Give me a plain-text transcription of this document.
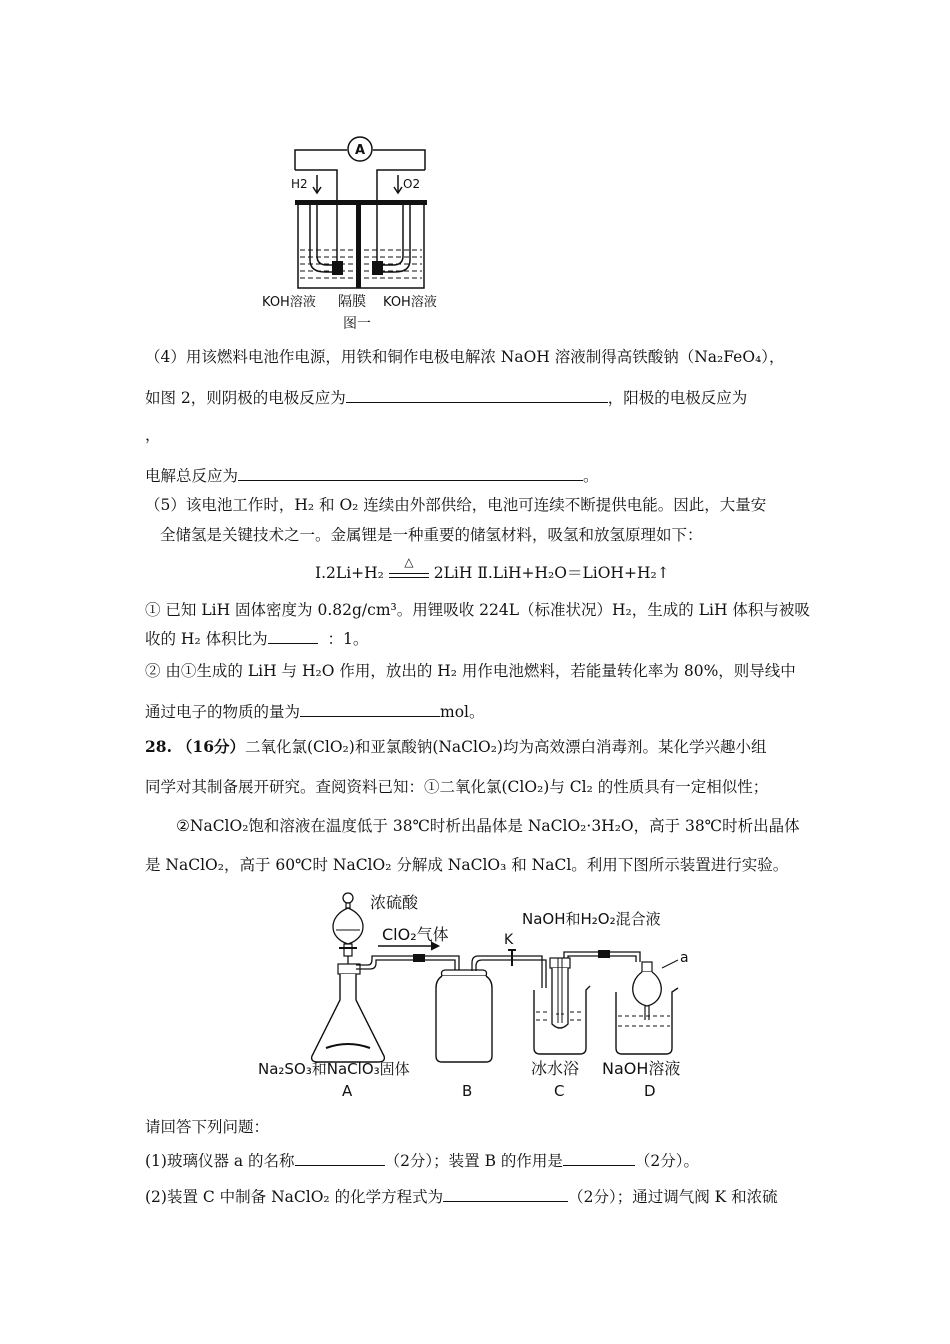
A
H2	O2
KOH溶液 隔膜 KOH溶液
图一
（4）用该燃料电池作电源，用铁和铜作电极电解浓 NaOH 溶液制得高铁酸钠（Na₂FeO₄），
如图 2，则阴极的电极反应为	，阳极的电极反应为
，
电解总反应为	。
（5）该电池工作时，H₂ 和 O₂ 连续由外部供给，电池可连续不断提供电能。因此，大量安
全储氢是关键技术之一。金属锂是一种重要的储氢材料，吸氢和放氢原理如下：
Ⅰ.2Li+H₂
△
2LiH Ⅱ.LiH+H₂O＝LiOH+H₂↑
① 已知 LiH 固体密度为 0.82g/cm³。用锂吸收 224L（标准状况）H₂，生成的 LiH 体积与被吸
收的 H₂ 体积比为	：1。
② 由①生成的 LiH 与 H₂O 作用，放出的 H₂ 用作电池燃料，若能量转化率为 80%，则导线中
通过电子的物质的量为	mol。
28. （16分）二氧化氯(ClO₂)和亚氯酸钠(NaClO₂)均为高效漂白消毒剂。某化学兴趣小组
同学对其制备展开研究。查阅资料已知：①二氧化氯(ClO₂)与 Cl₂ 的性质具有一定相似性；
②NaClO₂饱和溶液在温度低于 38℃时析出晶体是 NaClO₂·3H₂O，高于 38℃时析出晶体
是 NaClO₂，高于 60℃时 NaClO₂ 分解成 NaClO₃ 和 NaCl。利用下图所示装置进行实验。
浓硫酸
ClO₂气体	K
NaOH和H₂O₂混合液
a
Na₂SO₃和NaClO₃固体	冰水浴 NaOH溶液
A	B	C	D
请回答下列问题：
(1)玻璃仪器 a 的名称	（2分）；装置 B 的作用是	（2分）。
(2)装置 C 中制备 NaClO₂ 的化学方程式为	（2分）；通过调气阀 K 和浓硫
